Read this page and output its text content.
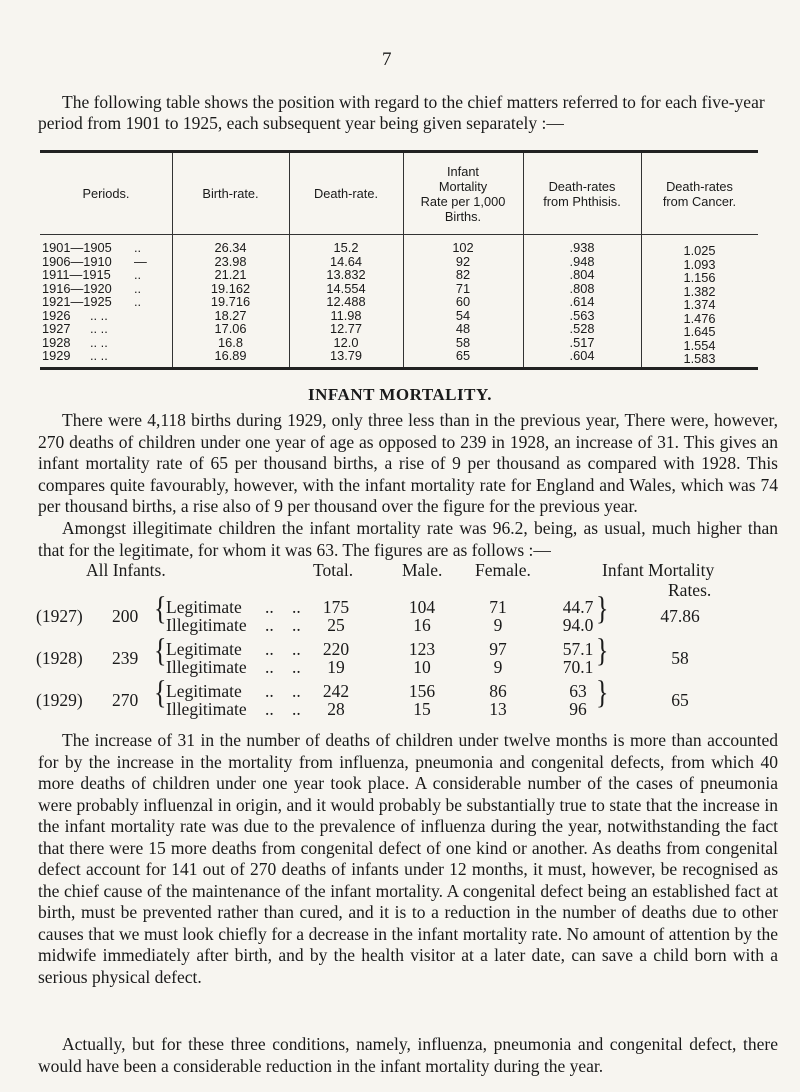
7
The following table shows the position with regard to the chief matters referred to for each five-year period from 1901 to 1925, each subsequent year being given separately :—
Periods.	Birth-rate.	Death-rate.
Infant
Mortality
Rate per 1,000
Births.
Death-rates
from Phthisis.
Death-rates
from Cancer.
1901—1905 ..	26.34	15.2	102	.938	1.025
1906—1910 —	23.98	14.64	92	.948	1.093
1911—1915 ..	21.21	13.832	82	.804	1.156
1916—1920 ..	19.162	14.554	71	.808	1.382
1921—1925 ..	19.716	12.488	60	.614	1.374
1926 .. ..	18.27	11.98	54	.563	1.476
1927 .. ..	17.06	12.77	48	.528	1.645
1928 .. ..	16.8	12.0	58	.517	1.554
1929 .. ..	16.89	13.79	65	.604	1.583
INFANT MORTALITY.

There were 4,118 births during 1929, only three less than in the previous year, There were, however, 270 deaths of children under one year of age as opposed to 239 in 1928, an increase of 31. This gives an infant mortality rate of 65 per thousand births, a rise of 9 per thousand as compared with 1928. This compares quite favourably, however, with the infant mortality rate for England and Wales, which was 74 per thousand births, a rise also of 9 per thousand over the figure for the previous year.

Amongst illegitimate children the infant mortality rate was 96.2, being, as usual, much higher than that for the legitimate, for whom it was 63. The figures are as follows :—

All Infants.	Total.	Male. Female.	Infant Mortality
Rates.
(1927) 200 { Legitimate .. ..	175	104	71	44.7
Illegitimate .. ..	25	16	9	94.0 }	47.86
(1928) 239 { Legitimate .. ..	220	123	97	57.1
Illegitimate .. ..	19	10	9	70.1 }	58
(1929) 270 { Legitimate .. ..	242	156	86	63
Illegitimate .. ..	28	15	13	96 }	65

The increase of 31 in the number of deaths of children under twelve months is more than accounted for by the increase in the mortality from influenza, pneumonia and congenital defects, from which 40 more deaths of children under one year took place. A considerable number of the cases of pneumonia were probably influenzal in origin, and it would probably be substantially true to state that the increase in the infant mortality rate was due to the prevalence of influenza during the year, notwithstanding the fact that there were 15 more deaths from congenital defect of one kind or another. As deaths from congenital defect account for 141 out of 270 deaths of infants under 12 months, it must, however, be recognised as the chief cause of the maintenance of the infant mortality. A congenital defect being an established fact at birth, must be prevented rather than cured, and it is to a reduction in the number of deaths due to other causes that we must look chiefly for a decrease in the infant mortality rate. No amount of attention by the midwife immediately after birth, and by the health visitor at a later date, can save a child born with a serious physical defect.

Actually, but for these three conditions, namely, influenza, pneumonia and congenital defect, there would have been a considerable reduction in the infant mortality during the year.
